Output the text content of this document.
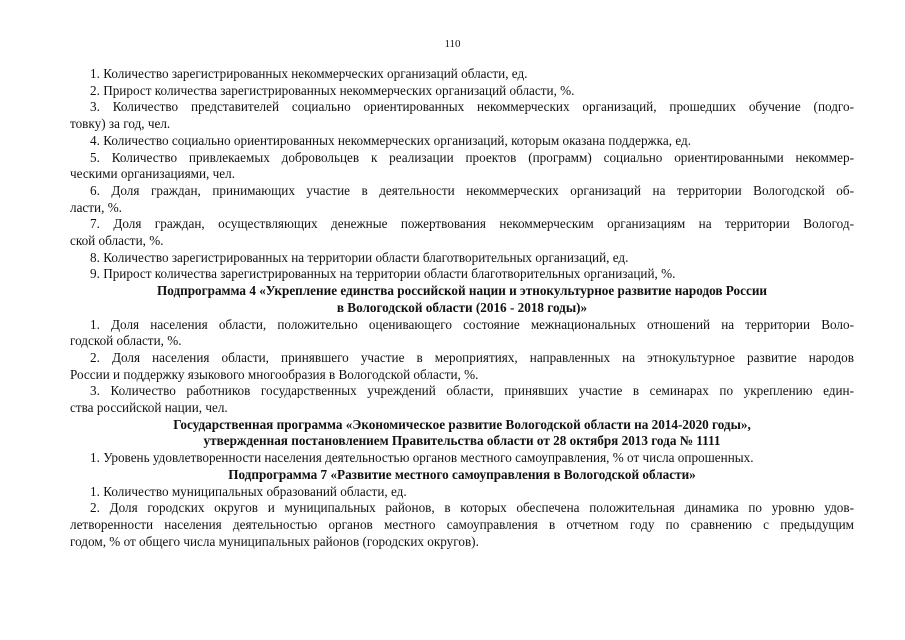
110
1. Количество зарегистрированных некоммерческих организаций области, ед.
2. Прирост количества зарегистрированных некоммерческих организаций области, %.
3. Количество представителей социально ориентированных некоммерческих организаций, прошедших обучение (подго-
товку) за год, чел.
4. Количество социально ориентированных некоммерческих организаций, которым оказана поддержка, ед.
5. Количество привлекаемых добровольцев к реализации проектов (программ) социально ориентированными некоммер-
ческими организациями, чел.
6. Доля граждан, принимающих участие в деятельности некоммерческих организаций на территории Вологодской об-
ласти, %.
7. Доля граждан, осуществляющих денежные пожертвования некоммерческим организациям на территории Вологод-
ской области, %.
8. Количество зарегистрированных на территории области благотворительных организаций, ед.
9. Прирост количества зарегистрированных на территории области благотворительных организаций, %.
Подпрограмма 4 «Укрепление единства российской нации и этнокультурное развитие народов России
в Вологодской области (2016 - 2018 годы)»
1. Доля населения области, положительно оценивающего состояние межнациональных отношений на территории Воло-
годской области, %.
2. Доля населения области, принявшего участие в мероприятиях, направленных на этнокультурное развитие народов
России и поддержку языкового многообразия в Вологодской области, %.
3. Количество работников государственных учреждений области, принявших участие в семинарах по укреплению един-
ства российской нации, чел.
Государственная программа «Экономическое развитие Вологодской области на 2014-2020 годы»,
утвержденная постановлением Правительства области от 28 октября 2013 года № 1111
1. Уровень удовлетворенности населения деятельностью органов местного самоуправления, % от числа опрошенных.
Подпрограмма 7 «Развитие местного самоуправления в Вологодской области»
1. Количество муниципальных образований области, ед.
2. Доля городских округов и муниципальных районов, в которых обеспечена положительная динамика по уровню удов-
летворенности населения деятельностью органов местного самоуправления в отчетном году по сравнению с предыдущим
годом, % от общего числа муниципальных районов (городских округов).
